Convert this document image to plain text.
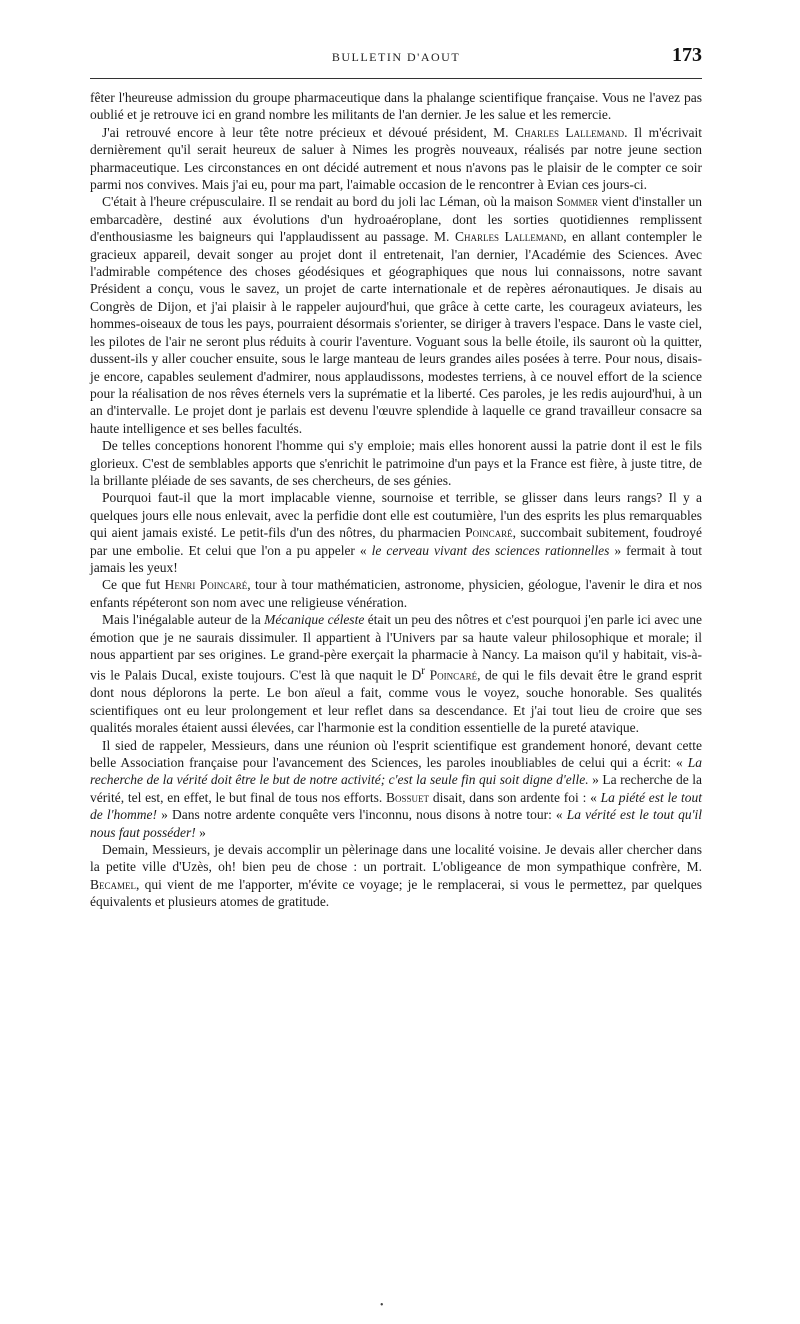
BULLETIN D'AOUT	173

fêter l'heureuse admission du groupe pharmaceutique dans la phalange scientifique française. Vous ne l'avez pas oublié et je retrouve ici en grand nombre les militants de l'an dernier. Je les salue et les remercie.

J'ai retrouvé encore à leur tête notre précieux et dévoué président, M. Charles Lallemand. Il m'écrivait dernièrement qu'il serait heureux de saluer à Nimes les progrès nouveaux, réalisés par notre jeune section pharmaceutique. Les circonstances en ont décidé autrement et nous n'avons pas le plaisir de le compter ce soir parmi nos convives. Mais j'ai eu, pour ma part, l'aimable occasion de le rencontrer à Evian ces jours-ci.

C'était à l'heure crépusculaire. Il se rendait au bord du joli lac Léman, où la maison Sommer vient d'installer un embarcadère, destiné aux évolutions d'un hydroaéroplane, dont les sorties quotidiennes remplissent d'enthousiasme les baigneurs qui l'applaudissent au passage. M. Charles Lallemand, en allant contempler le gracieux appareil, devait songer au projet dont il entretenait, l'an dernier, l'Académie des Sciences. Avec l'admirable compétence des choses géodésiques et géographiques que nous lui connaissons, notre savant Président a conçu, vous le savez, un projet de carte internationale et de repères aéronautiques. Je disais au Congrès de Dijon, et j'ai plaisir à le rappeler aujourd'hui, que grâce à cette carte, les courageux aviateurs, les hommes-oiseaux de tous les pays, pourraient désormais s'orienter, se diriger à travers l'espace. Dans le vaste ciel, les pilotes de l'air ne seront plus réduits à courir l'aventure. Voguant sous la belle étoile, ils sauront où la quitter, dussent-ils y aller coucher ensuite, sous le large manteau de leurs grandes ailes posées à terre. Pour nous, disais-je encore, capables seulement d'admirer, nous applaudissons, modestes terriens, à ce nouvel effort de la science pour la réalisation de nos rêves éternels vers la suprématie et la liberté. Ces paroles, je les redis aujourd'hui, à un an d'intervalle. Le projet dont je parlais est devenu l'œuvre splendide à laquelle ce grand travailleur consacre sa haute intelligence et ses belles facultés.

De telles conceptions honorent l'homme qui s'y emploie; mais elles honorent aussi la patrie dont il est le fils glorieux. C'est de semblables apports que s'enrichit le patrimoine d'un pays et la France est fière, à juste titre, de la brillante pléiade de ses savants, de ses chercheurs, de ses génies.

Pourquoi faut-il que la mort implacable vienne, sournoise et terrible, se glisser dans leurs rangs? Il y a quelques jours elle nous enlevait, avec la perfidie dont elle est coutumière, l'un des esprits les plus remarquables qui aient jamais existé. Le petit-fils d'un des nôtres, du pharmacien Poincaré, succombait subitement, foudroyé par une embolie. Et celui que l'on a pu appeler « le cerveau vivant des sciences rationnelles » fermait à tout jamais les yeux!

Ce que fut Henri Poincaré, tour à tour mathématicien, astronome, physicien, géologue, l'avenir le dira et nos enfants répéteront son nom avec une religieuse vénération.

Mais l'inégalable auteur de la Mécanique céleste était un peu des nôtres et c'est pourquoi j'en parle ici avec une émotion que je ne saurais dissimuler. Il appartient à l'Univers par sa haute valeur philosophique et morale; il nous appartient par ses origines. Le grand-père exerçait la pharmacie à Nancy. La maison qu'il y habitait, vis-à-vis le Palais Ducal, existe toujours. C'est là que naquit le $D^r$ Poincaré, de qui le fils devait être le grand esprit dont nous déplorons la perte. Le bon aïeul a fait, comme vous le voyez, souche honorable. Ses qualités scientifiques ont eu leur prolongement et leur reflet dans sa descendance. Et j'ai tout lieu de croire que ses qualités morales étaient aussi élevées, car l'harmonie est la condition essentielle de la pureté atavique.

Il sied de rappeler, Messieurs, dans une réunion où l'esprit scientifique est grandement honoré, devant cette belle Association française pour l'avancement des Sciences, les paroles inoubliables de celui qui a écrit: « La recherche de la vérité doit être le but de notre activité; c'est la seule fin qui soit digne d'elle. » La recherche de la vérité, tel est, en effet, le but final de tous nos efforts. Bossuet disait, dans son ardente foi : « La piété est le tout de l'homme! » Dans notre ardente conquête vers l'inconnu, nous disons à notre tour: « La vérité est le tout qu'il nous faut posséder! »

Demain, Messieurs, je devais accomplir un pèlerinage dans une localité voisine. Je devais aller chercher dans la petite ville d'Uzès, oh! bien peu de chose : un portrait. L'obligeance de mon sympathique confrère, M. Becamel, qui vient de me l'apporter, m'évite ce voyage; je le remplacerai, si vous le permettez, par quelques équivalents et plusieurs atomes de gratitude.

•
